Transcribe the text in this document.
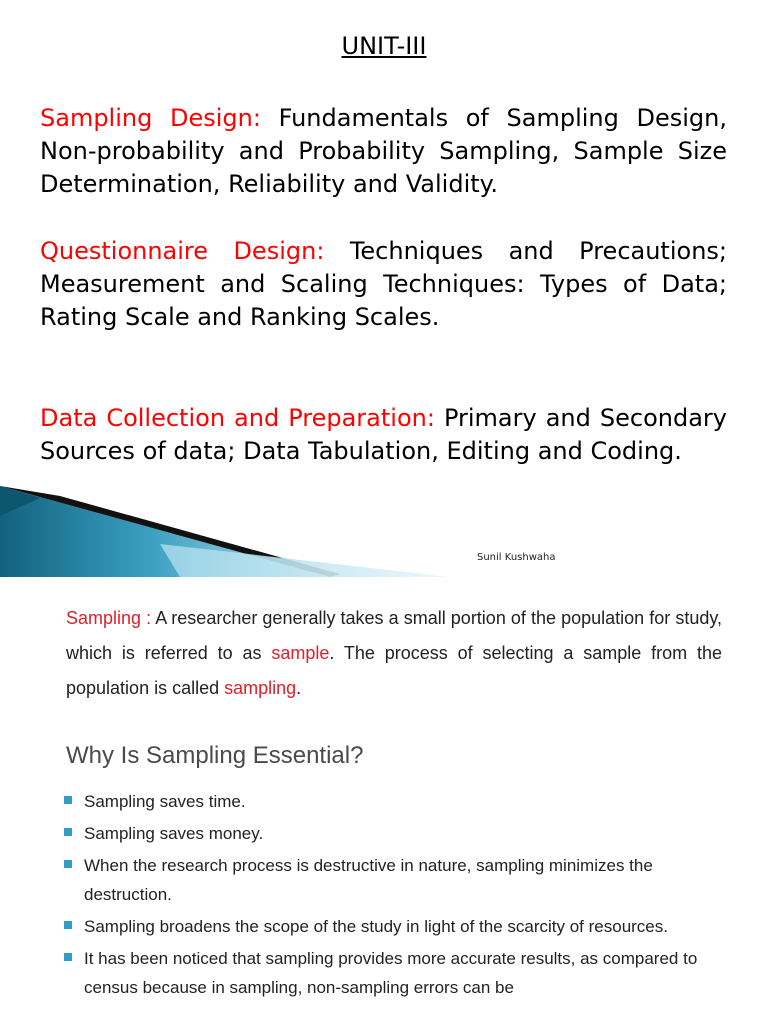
UNIT-III
Sampling Design: Fundamentals of Sampling Design, Non-probability and Probability Sampling, Sample Size Determination, Reliability and Validity.
Questionnaire Design: Techniques and Precautions; Measurement and Scaling Techniques: Types of Data; Rating Scale and Ranking Scales.
Data Collection and Preparation: Primary and Secondary Sources of data; Data Tabulation, Editing and Coding.
Sunil Kushwaha
Sampling : A researcher generally takes a small portion of the population for study, which is referred to as sample. The process of selecting a sample from the population is called sampling.
Why Is Sampling Essential?
Sampling saves time.
Sampling saves money.
When the research process is destructive in nature, sampling minimizes the destruction.
Sampling broadens the scope of the study in light of the scarcity of resources.
It has been noticed that sampling provides more accurate results, as compared to census because in sampling, non-sampling errors can be
